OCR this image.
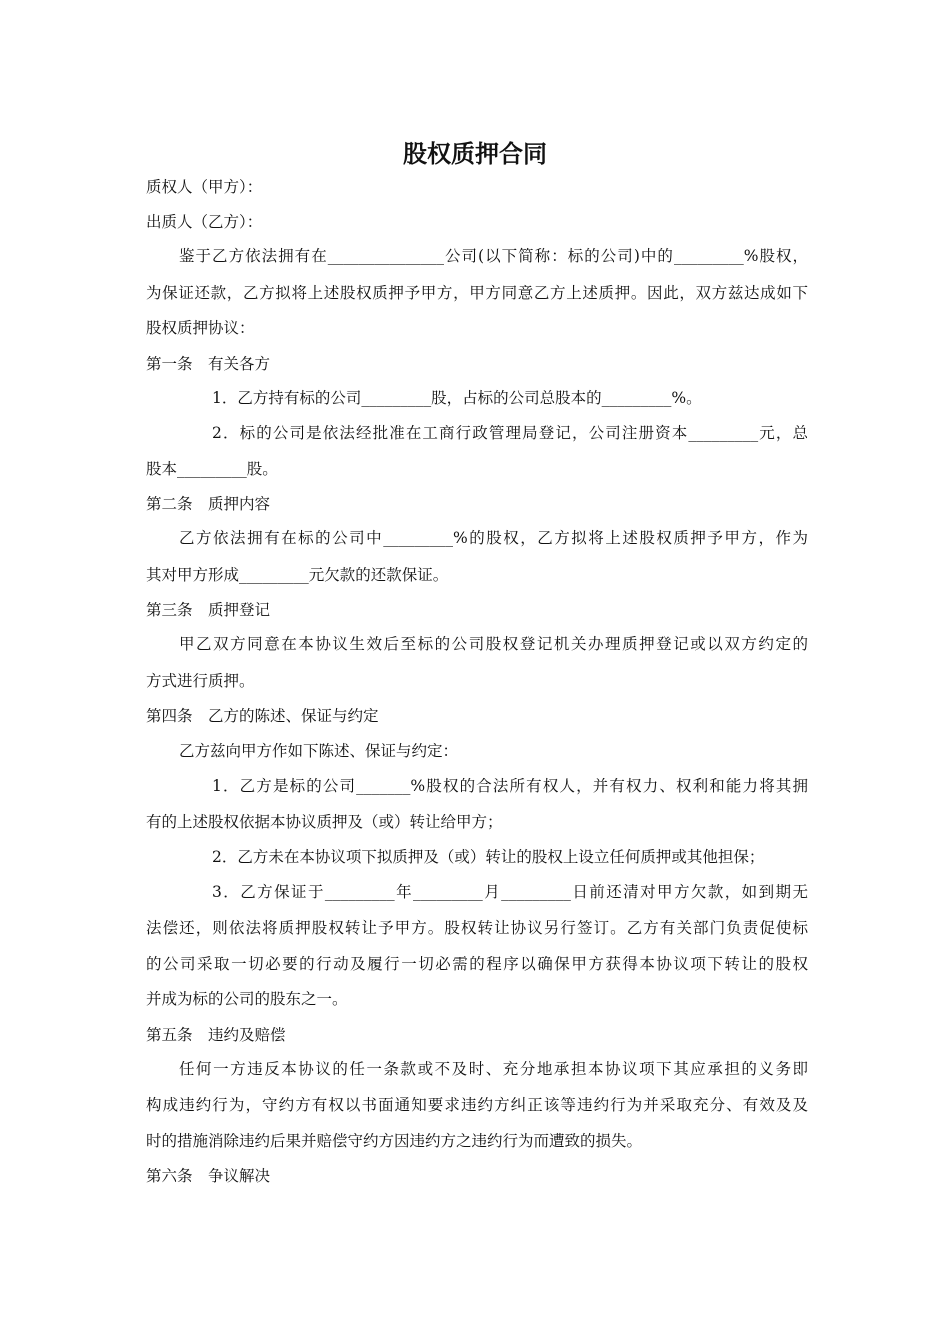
股权质押合同
质权人（甲方）：
出质人（乙方）：
鉴于乙方依法拥有在_______________公司(以下简称：标的公司)中的_________%股权，
为保证还款，乙方拟将上述股权质押予甲方，甲方同意乙方上述质押。因此，双方兹达成如下
股权质押协议：
第一条　有关各方
1．乙方持有标的公司_________股，占标的公司总股本的_________%。
2．标的公司是依法经批准在工商行政管理局登记，公司注册资本_________元，总
股本_________股。
第二条　质押内容
乙方依法拥有在标的公司中_________%的股权，乙方拟将上述股权质押予甲方，作为
其对甲方形成_________元欠款的还款保证。
第三条　质押登记
甲乙双方同意在本协议生效后至标的公司股权登记机关办理质押登记或以双方约定的
方式进行质押。
第四条　乙方的陈述、保证与约定
乙方兹向甲方作如下陈述、保证与约定：
1．乙方是标的公司_______%股权的合法所有权人，并有权力、权利和能力将其拥
有的上述股权依据本协议质押及（或）转让给甲方；
2．乙方未在本协议项下拟质押及（或）转让的股权上设立任何质押或其他担保；
3．乙方保证于_________年_________月_________日前还清对甲方欠款，如到期无
法偿还，则依法将质押股权转让予甲方。股权转让协议另行签订。乙方有关部门负责促使标
的公司采取一切必要的行动及履行一切必需的程序以确保甲方获得本协议项下转让的股权
并成为标的公司的股东之一。
第五条　违约及赔偿
任何一方违反本协议的任一条款或不及时、充分地承担本协议项下其应承担的义务即
构成违约行为，守约方有权以书面通知要求违约方纠正该等违约行为并采取充分、有效及及
时的措施消除违约后果并赔偿守约方因违约方之违约行为而遭致的损失。
第六条　争议解决
